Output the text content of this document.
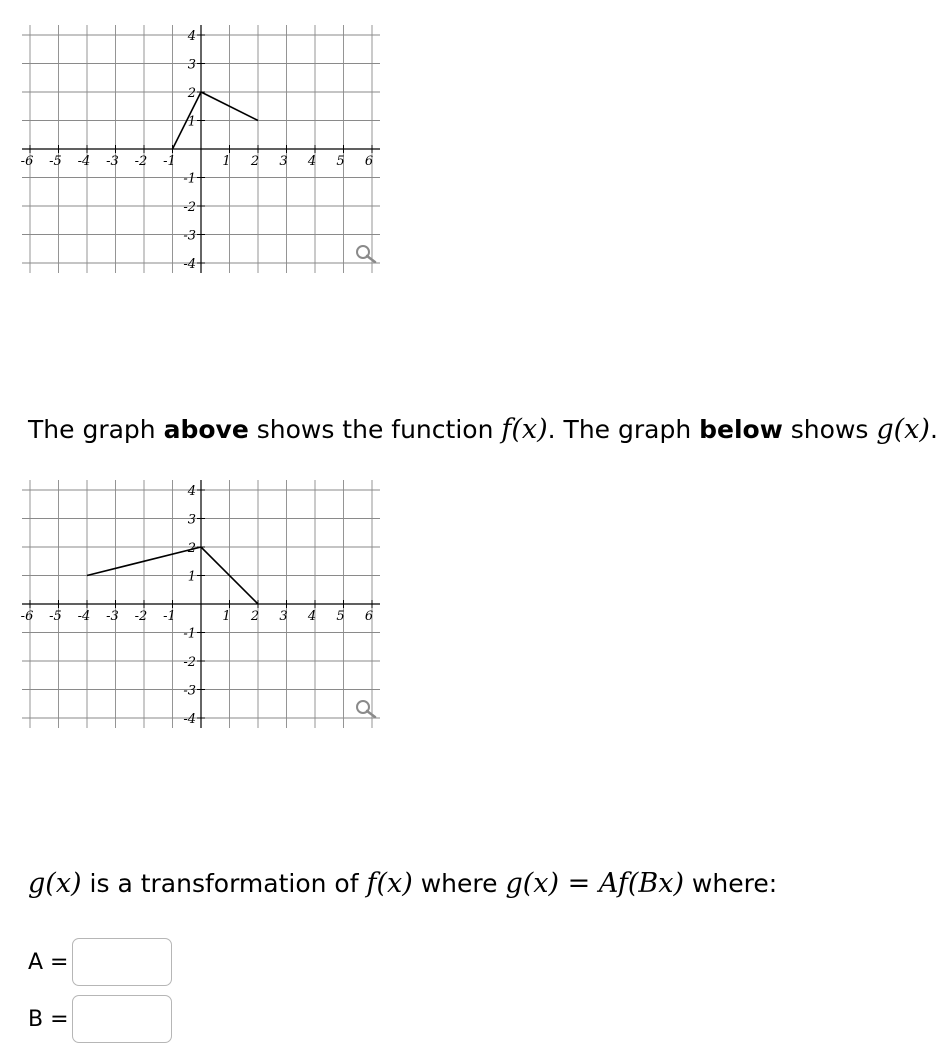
-6 -5 -4 -3 -2 -1	1 2 3 4 5 6
-4
-3
-2
-1
1
2
3
4
The graph above shows the function f(x). The graph below shows g(x).
-6 -5 -4 -3 -2 -1	1 2 3 4 5 6
-4
-3
-2
-1
1
2
3
4
g(x) is a transformation of f(x) where g(x) = Af(Bx) where:
A =
B =
